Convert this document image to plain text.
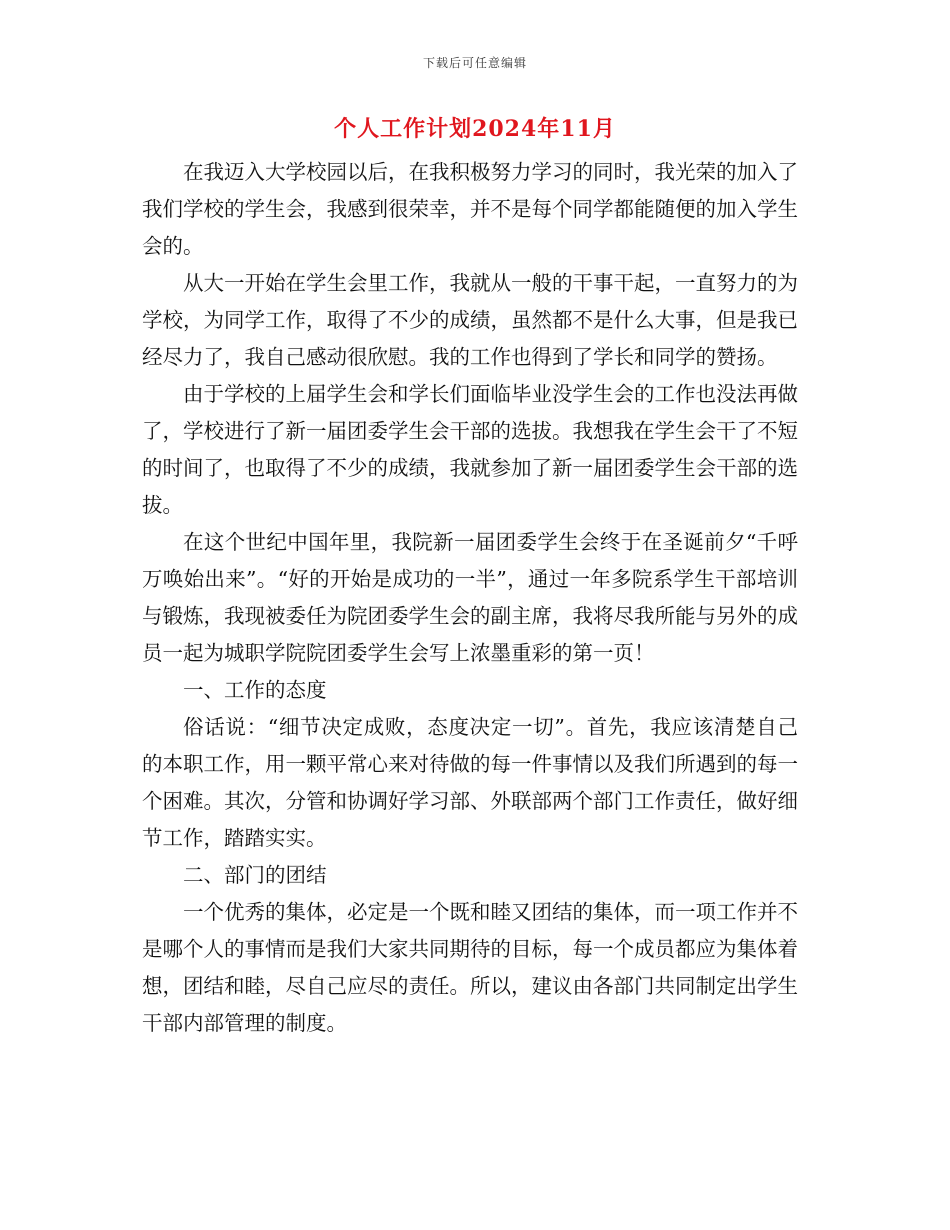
下载后可任意编辑
个人工作计划2024年11月

在我迈入大学校园以后，在我积极努力学习的同时，我光荣的加入了我们学校的学生会，我感到很荣幸，并不是每个同学都能随便的加入学生会的。

从大一开始在学生会里工作，我就从一般的干事干起，一直努力的为学校，为同学工作，取得了不少的成绩，虽然都不是什么大事，但是我已经尽力了，我自己感动很欣慰。我的工作也得到了学长和同学的赞扬。

由于学校的上届学生会和学长们面临毕业没学生会的工作也没法再做了，学校进行了新一届团委学生会干部的选拔。我想我在学生会干了不短的时间了，也取得了不少的成绩，我就参加了新一届团委学生会干部的选拔。

在这个世纪中国年里，我院新一届团委学生会终于在圣诞前夕“千呼万唤始出来”。“好的开始是成功的一半”，通过一年多院系学生干部培训与锻炼，我现被委任为院团委学生会的副主席，我将尽我所能与另外的成员一起为城职学院院团委学生会写上浓墨重彩的第一页！

一、工作的态度

俗话说：“细节决定成败，态度决定一切”。首先，我应该清楚自己的本职工作，用一颗平常心来对待做的每一件事情以及我们所遇到的每一个困难。其次，分管和协调好学习部、外联部两个部门工作责任，做好细节工作，踏踏实实。

二、部门的团结

一个优秀的集体，必定是一个既和睦又团结的集体，而一项工作并不是哪个人的事情而是我们大家共同期待的目标，每一个成员都应为集体着想，团结和睦，尽自己应尽的责任。所以，建议由各部门共同制定出学生干部内部管理的制度。
